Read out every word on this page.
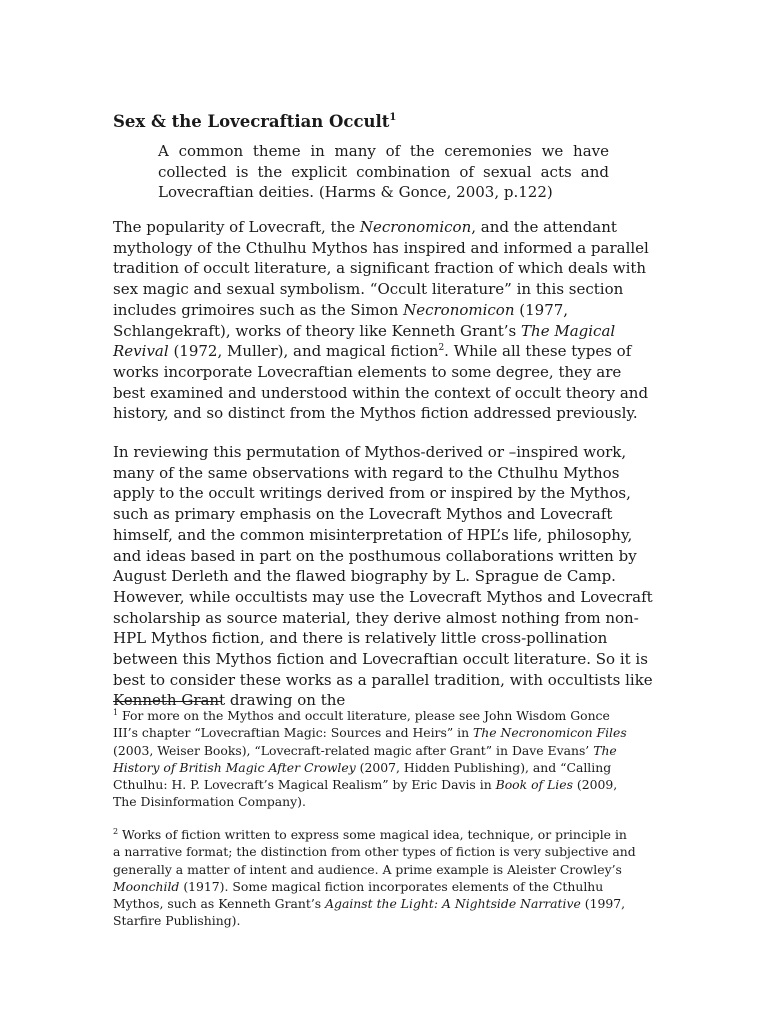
Sex & the Lovecraftian Occult$^1$

A common theme in many of the ceremonies we have collected is the explicit combination of sexual acts and Lovecraftian deities. (Harms & Gonce, 2003, p.122)

The popularity of Lovecraft, the Necronomicon, and the attendant mythology of the Cthulhu Mythos has inspired and informed a parallel tradition of occult literature, a significant fraction of which deals with sex magic and sexual symbolism. “Occult literature” in this section includes grimoires such as the Simon Necronomicon (1977, Schlangekraft), works of theory like Kenneth Grant’s The Magical Revival (1972, Muller), and magical fiction$^2$. While all these types of works incorporate Lovecraftian elements to some degree, they are best examined and understood within the context of occult theory and history, and so distinct from the Mythos fiction addressed previously.

In reviewing this permutation of Mythos-derived or –inspired work, many of the same observations with regard to the Cthulhu Mythos apply to the occult writings derived from or inspired by the Mythos, such as primary emphasis on the Lovecraft Mythos and Lovecraft himself, and the common misinterpretation of HPL’s life, philosophy, and ideas based in part on the posthumous collaborations written by August Derleth and the flawed biography by L. Sprague de Camp. However, while occultists may use the Lovecraft Mythos and Lovecraft scholarship as source material, they derive almost nothing from non-HPL Mythos fiction, and there is relatively little cross-pollination between this Mythos fiction and Lovecraftian occult literature. So it is best to consider these works as a parallel tradition, with occultists like Kenneth Grant drawing on the

$^1$ For more on the Mythos and occult literature, please see John Wisdom Gonce III’s chapter “Lovecraftian Magic: Sources and Heirs” in The Necronomicon Files (2003, Weiser Books), “Lovecraft-related magic after Grant” in Dave Evans’ The History of British Magic After Crowley (2007, Hidden Publishing), and “Calling Cthulhu: H. P. Lovecraft’s Magical Realism” by Eric Davis in Book of Lies (2009, The Disinformation Company).

$^2$ Works of fiction written to express some magical idea, technique, or principle in a narrative format; the distinction from other types of fiction is very subjective and generally a matter of intent and audience. A prime example is Aleister Crowley’s Moonchild (1917). Some magical fiction incorporates elements of the Cthulhu Mythos, such as Kenneth Grant’s Against the Light: A Nightside Narrative (1997, Starfire Publishing).
